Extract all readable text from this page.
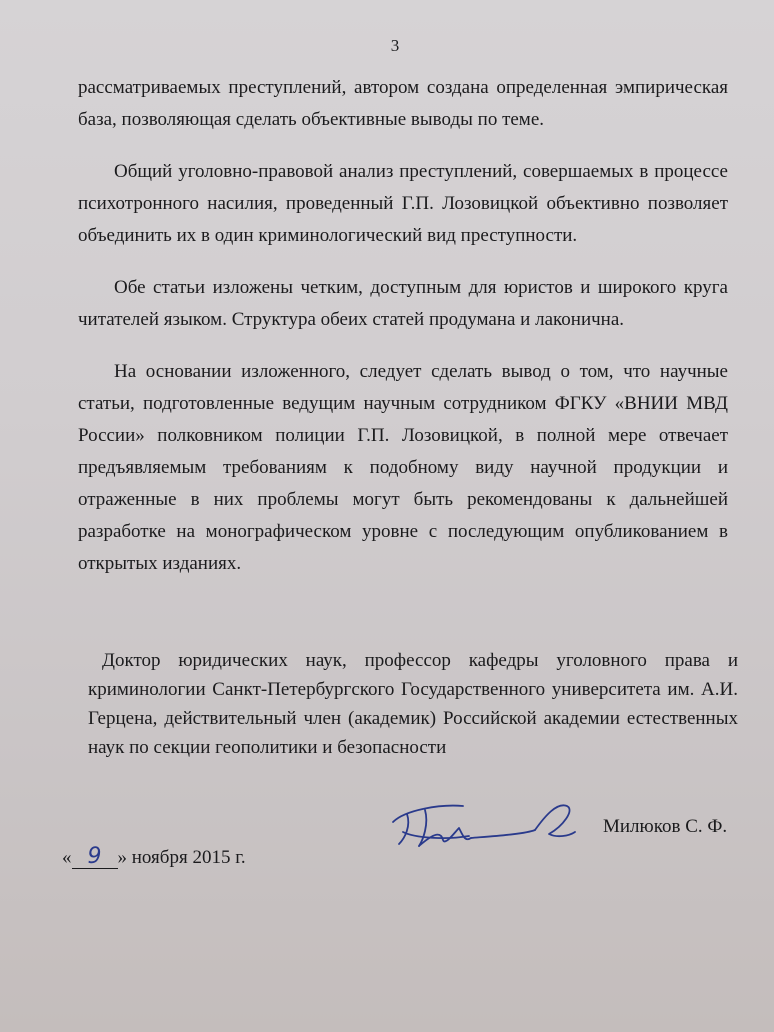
3

рассматриваемых преступлений, автором создана определенная эмпирическая база, позволяющая сделать объективные выводы по теме.

Общий уголовно-правовой анализ преступлений, совершаемых в процессе психотронного насилия, проведенный Г.П. Лозовицкой объективно позволяет объединить их в один криминологический вид преступности.

Обе статьи изложены четким, доступным для юристов и широкого круга читателей языком. Структура обеих статей продумана и лаконична.

На основании изложенного, следует сделать вывод о том, что научные статьи, подготовленные ведущим научным сотрудником ФГКУ «ВНИИ МВД России» полковником полиции Г.П. Лозовицкой, в полной мере отвечает предъявляемым требованиям к подобному виду научной продукции и отраженные в них проблемы могут быть рекомендованы к дальнейшей разработке на монографическом уровне с последующим опубликованием в открытых изданиях.

Доктор юридических наук, профессор кафедры уголовного права и криминологии Санкт-Петербургского Государственного университета им. А.И. Герцена, действительный член (академик) Российской академии естественных наук по секции геополитики и безопасности

Милюков С. Ф.
« 9 » ноября 2015 г.
